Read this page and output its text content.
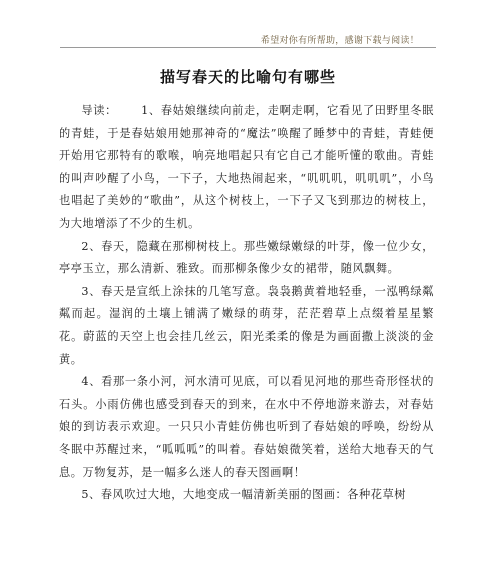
希望对你有所帮助，感谢下载与阅读！
描写春天的比喻句有哪些

导读： 1、春姑娘继续向前走，走啊走啊，它看见了田野里冬眠的青蛙，于是春姑娘用她那神奇的“魔法”唤醒了睡梦中的青蛙，青蛙便开始用它那特有的歌喉，响亮地唱起只有它自己才能听懂的歌曲。青蛙的叫声吵醒了小鸟，一下子，大地热闹起来，“叽叽叽，叽叽叽”，小鸟也唱起了美妙的“歌曲”，从这个树枝上，一下子又飞到那边的树枝上，为大地增添了不少的生机。

2、春天，隐藏在那柳树枝上。那些嫩绿嫩绿的叶芽，像一位少女，亭亭玉立，那么清新、雅致。而那柳条像少女的裙带，随风飘舞。

3、春天是宣纸上涂抹的几笔写意。袅袅鹅黄着地轻垂，一泓鸭绿粼粼而起。湿润的土壤上铺满了嫩绿的萌芽，茫茫碧草上点缀着星星繁花。蔚蓝的天空上也会挂几丝云，阳光柔柔的像是为画面撒上淡淡的金黄。

4、看那一条小河，河水清可见底，可以看见河地的那些奇形怪状的石头。小雨仿佛也感受到春天的到来，在水中不停地游来游去，对春姑娘的到访表示欢迎。一只只小青蛙仿佛也听到了春姑娘的呼唤，纷纷从冬眠中苏醒过来，“呱呱呱”的叫着。春姑娘微笑着，送给大地春天的气息。万物复苏，是一幅多么迷人的春天图画啊！

5、春风吹过大地，大地变成一幅清新美丽的图画：各种花草树
